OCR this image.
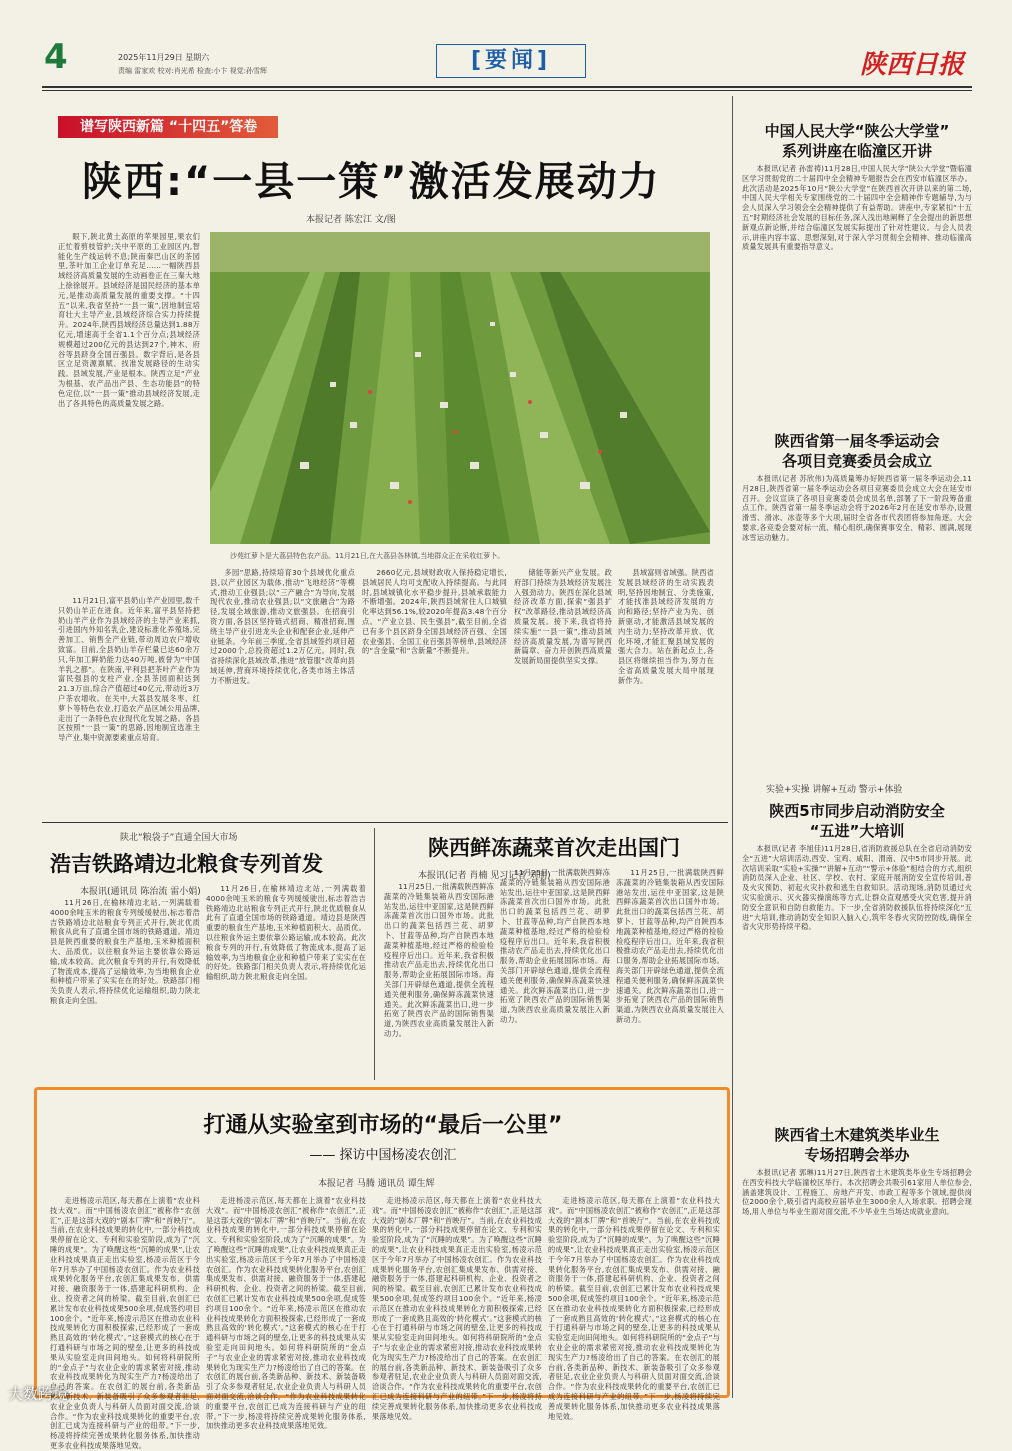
4	2025年11月29日 星期六
责编 雷家欢 校对:肖光希 检查:小卞 视觉:孙雪辉	[要闻]	陕西日报
谱写陕西新篇 “十四五”答卷
陕西:“一县一策”激活发展动力
本报记者 陈宏江 文/图

眼下,陕北黄土高原的苹果园里,果农们正忙着剪枝管护;关中平原的工业园区内,智能化生产线运转不息;陕南秦巴山区的茶园里,茶叶加工企业订单充足……一幅陕西县域经济高质量发展的生动画卷正在三秦大地上徐徐展开。县域经济是国民经济的基本单元,是推动高质量发展的重要支撑。“十四五”以来,我省坚持“一县一策”,因地制宜培育壮大主导产业,县域经济综合实力持续提升。2024年,陕西县域经济总量达到1.88万亿元,增速高于全省1.1个百分点;县域经济规模超过200亿元的县达到27个,神木、府谷等县跻身全国百强县。数字背后,是各县区立足资源禀赋、找准发展路径的生动实践。县域发展,产业是根本。陕西立足“产业为根基、农产品出产县、生态功能县”的特色定位,以“一县一策”推动县域经济发展,走出了各具特色的高质量发展之路。

11月21日,富平县奶山羊产业园里,数千只奶山羊正在进食。近年来,富平县坚持把奶山羊产业作为县域经济的主导产业来抓,引进国内外知名乳企,建设标准化养殖场,完善加工、销售全产业链,带动周边农户增收致富。目前,全县奶山羊存栏量已达60余万只,年加工鲜奶能力达40万吨,被誉为“中国羊乳之都”。在陕南,平利县把茶叶产业作为富民强县的支柱产业,全县茶园面积达到21.3万亩,综合产值超过40亿元,带动近3万户茶农增收。在关中,大荔县发展冬枣、红萝卜等特色农业,打造农产品区域公用品牌,走出了一条特色农业现代化发展之路。各县区按照“一县一策”的思路,因地制宜选准主导产业,集中资源要素重点培育。

沙苑红萝卜是大荔县特色农产品。11月21日,在大荔县各林镇,当地群众正在采收红萝卜。

多园”思路,持续培育30个县域优化重点县,以产业园区为载体,推动“飞地经济”等模式,推动工业强县;以“三产融合”为导向,发展现代农业,推动农业强县;以“文旅融合”为路径,发展全域旅游,推动文旅强县。在招商引资方面,各县区坚持链式招商、精准招商,围绕主导产业引进龙头企业和配套企业,延伸产业链条。今年前三季度,全省县域签约项目超过2000个,总投资超过1.2万亿元。同时,我省持续深化县域改革,推进“放管服”改革向县域延伸,营商环境持续优化,各类市场主体活力不断迸发。

2660亿元,县域财政收入保持稳定增长,县域居民人均可支配收入持续提高。与此同时,县域城镇化水平稳步提升,县城承载能力不断增强。2024年,陕西县域常住人口城镇化率达到56.1%,较2020年提高3.48个百分点。“产业立县、民生强县”,截至目前,全省已有多个县区跻身全国县域经济百强、全国农业强县、全国工业百强县等榜单,县域经济的“含金量”和“含新量”不断提升。

储能等新兴产业发展。政府部门持续为县域经济发展注入强劲动力。陕西在深化县域经济改革方面,探索“强县扩权”改革路径,推动县域经济高质量发展。接下来,我省将持续实施“一县一策”,推动县域经济高质量发展,为谱写陕西新篇章、奋力开创陕西高质量发展新局面提供坚实支撑。

县域富则省域强。陕西省发展县域经济的生动实践表明,坚持因地制宜、分类施策,才能找准县域经济发展的方向和路径;坚持产业为先、创新驱动,才能激活县域发展的内生动力;坚持改革开放、优化环境,才能汇聚县域发展的强大合力。站在新起点上,各县区将继续担当作为,努力在全省高质量发展大局中展现新作为。

中国人民大学“陕公大学堂”
系列讲座在临潼区开讲

本报讯(记者 孙雷祷)11月28日,中国人民大学“陕公大学堂”暨临潼区学习贯彻党的二十届四中全会精神专题报告会在西安市临潼区举办。此次活动是2025年10月“陕公大学堂”在陕西首次开讲以来的第二场,中国人民大学相关专家围绕党的二十届四中全会精神作专题辅导,为与会人员深入学习领会全会精神提供了有益帮助。讲座中,专家紧扣“十五五”时期经济社会发展的目标任务,深入浅出地阐释了全会提出的新思想新观点新论断,并结合临潼区发展实际提出了针对性建议。与会人员表示,讲座内容丰富、思想深刻,对于深入学习贯彻全会精神、推动临潼高质量发展具有重要指导意义。

陕西省第一届冬季运动会
各项目竞赛委员会成立

本报讯(记者 苏欣伟)为高质量筹办好陕西省第一届冬季运动会,11月28日,陕西省第一届冬季运动会各项目竞赛委员会成立大会在延安市召开。会议宣读了各项目竞赛委员会成员名单,部署了下一阶段筹备重点工作。陕西省第一届冬季运动会将于2026年2月在延安市举办,设置滑雪、滑冰、冰壶等多个大项,届时全省各市代表团将参加角逐。大会要求,各竞委会要对标一流、精心组织,确保赛事安全、精彩、圆满,展现冰雪运动魅力。

实验+实操 讲解+互动 警示+体验
陕西5市同步启动消防安全
“五进”大培训

本报讯(记者 李旭佳)11月28日,省消防救援总队在全省启动消防安全“五进”大培训活动,西安、宝鸡、咸阳、渭南、汉中5市同步开展。此次培训采取“实验+实操”“讲解+互动”“警示+体验”相结合的方式,组织消防员深入企业、社区、学校、农村、家庭开展消防安全宣传培训,普及火灾预防、初起火灾扑救和逃生自救知识。活动现场,消防员通过火灾实验演示、灭火器实操演练等方式,让群众直观感受火灾危害,提升消防安全意识和自防自救能力。下一步,全省消防救援队伍将持续深化“五进”大培训,推动消防安全知识入脑入心,筑牢冬春火灾防控防线,确保全省火灾形势持续平稳。

陕西省土木建筑类毕业生
专场招聘会举办

本报讯(记者 郭琳)11月27日,陕西省土木建筑类毕业生专场招聘会在西安科技大学临潼校区举行。本次招聘会共吸引61家用人单位参会,涵盖建筑设计、工程施工、房地产开发、市政工程等多个领域,提供岗位2000余个,吸引省内高校应届毕业生3000余人入场求职。招聘会现场,用人单位与毕业生面对面交流,不少毕业生当场达成就业意向。

陕北“粮袋子”直通全国大市场
浩吉铁路靖边北粮食专列首发
本报讯(通讯员 陈治流 雷小娟)

11月26日,在榆林靖边北站,一列满载着4000余吨玉米的粮食专列缓缓驶出,标志着浩吉铁路靖边北站粮食专列正式开行,陕北优质粮食从此有了直通全国市场的铁路通道。靖边县是陕西重要的粮食生产基地,玉米种植面积大、品质优。以往粮食外运主要依靠公路运输,成本较高。此次粮食专列的开行,有效降低了物流成本,提高了运输效率,为当地粮食企业和种植户带来了实实在在的好处。铁路部门相关负责人表示,将持续优化运输组织,助力陕北粮食走向全国。

11月26日,在榆林靖边北站,一列满载着4000余吨玉米的粮食专列缓缓驶出,标志着浩吉铁路靖边北站粮食专列正式开行,陕北优质粮食从此有了直通全国市场的铁路通道。靖边县是陕西重要的粮食生产基地,玉米种植面积大、品质优。以往粮食外运主要依靠公路运输,成本较高。此次粮食专列的开行,有效降低了物流成本,提高了运输效率,为当地粮食企业和种植户带来了实实在在的好处。铁路部门相关负责人表示,将持续优化运输组织,助力陕北粮食走向全国。

陕西鲜冻蔬菜首次走出国门
本报讯(记者 肖楠 见习记者 刘朋)

11月25日,一批满载陕西鲜冻蔬菜的冷链集装箱从西安国际港站发出,运往中亚国家,这是陕西鲜冻蔬菜首次出口国外市场。此批出口的蔬菜包括西兰花、胡萝卜、甘蓝等品种,均产自陕西本地蔬菜种植基地,经过严格的检验检疫程序后出口。近年来,我省积极推动农产品走出去,持续优化出口服务,帮助企业拓展国际市场。海关部门开辟绿色通道,提供全流程通关便利服务,确保鲜冻蔬菜快速通关。此次鲜冻蔬菜出口,进一步拓宽了陕西农产品的国际销售渠道,为陕西农业高质量发展注入新动力。

11月25日,一批满载陕西鲜冻蔬菜的冷链集装箱从西安国际港站发出,运往中亚国家,这是陕西鲜冻蔬菜首次出口国外市场。此批出口的蔬菜包括西兰花、胡萝卜、甘蓝等品种,均产自陕西本地蔬菜种植基地,经过严格的检验检疫程序后出口。近年来,我省积极推动农产品走出去,持续优化出口服务,帮助企业拓展国际市场。海关部门开辟绿色通道,提供全流程通关便利服务,确保鲜冻蔬菜快速通关。此次鲜冻蔬菜出口,进一步拓宽了陕西农产品的国际销售渠道,为陕西农业高质量发展注入新动力。

11月25日,一批满载陕西鲜冻蔬菜的冷链集装箱从西安国际港站发出,运往中亚国家,这是陕西鲜冻蔬菜首次出口国外市场。此批出口的蔬菜包括西兰花、胡萝卜、甘蓝等品种,均产自陕西本地蔬菜种植基地,经过严格的检验检疫程序后出口。近年来,我省积极推动农产品走出去,持续优化出口服务,帮助企业拓展国际市场。海关部门开辟绿色通道,提供全流程通关便利服务,确保鲜冻蔬菜快速通关。此次鲜冻蔬菜出口,进一步拓宽了陕西农产品的国际销售渠道,为陕西农业高质量发展注入新动力。

打通从实验室到市场的“最后一公里”
—— 探访中国杨凌农创汇
本报记者 马腾 通讯员 谭生辉

走进杨凌示范区,每天都在上演着“农业科技大戏”。而“中国杨凌农创汇”被称作“农创汇”,正是这部大戏的“剧本厂牌”和“首映厅”。当前,在农业科技成果的转化中,一部分科技成果停留在论文、专利和实验室阶段,成为了“沉睡的成果”。为了唤醒这些“沉睡的成果”,让农业科技成果真正走出实验室,杨凌示范区于今年7月举办了中国杨凌农创汇。作为农业科技成果转化服务平台,农创汇集成果发布、供需对接、融资服务于一体,搭建起科研机构、企业、投资者之间的桥梁。截至目前,农创汇已累计发布农业科技成果500余项,促成签约项目100余个。“近年来,杨凌示范区在推动农业科技成果转化方面积极探索,已经形成了一套成熟且高效的‘转化模式’。”这套模式的核心在于打通科研与市场之间的壁垒,让更多的科技成果从实验室走向田间地头。如何将科研院所的“金点子”与农业企业的需求紧密对接,推动农业科技成果转化为现实生产力?杨凌给出了自己的答案。在农创汇的展台前,各类新品种、新技术、新装备吸引了众多参观者驻足,农业企业负责人与科研人员面对面交流,洽谈合作。“作为农业科技成果转化的重要平台,农创汇已成为连接科研与产业的纽带。”下一步,杨凌将持续完善成果转化服务体系,加快推动更多农业科技成果落地见效。

走进杨凌示范区,每天都在上演着“农业科技大戏”。而“中国杨凌农创汇”被称作“农创汇”,正是这部大戏的“剧本厂牌”和“首映厅”。当前,在农业科技成果的转化中,一部分科技成果停留在论文、专利和实验室阶段,成为了“沉睡的成果”。为了唤醒这些“沉睡的成果”,让农业科技成果真正走出实验室,杨凌示范区于今年7月举办了中国杨凌农创汇。作为农业科技成果转化服务平台,农创汇集成果发布、供需对接、融资服务于一体,搭建起科研机构、企业、投资者之间的桥梁。截至目前,农创汇已累计发布农业科技成果500余项,促成签约项目100余个。“近年来,杨凌示范区在推动农业科技成果转化方面积极探索,已经形成了一套成熟且高效的‘转化模式’。”这套模式的核心在于打通科研与市场之间的壁垒,让更多的科技成果从实验室走向田间地头。如何将科研院所的“金点子”与农业企业的需求紧密对接,推动农业科技成果转化为现实生产力?杨凌给出了自己的答案。在农创汇的展台前,各类新品种、新技术、新装备吸引了众多参观者驻足,农业企业负责人与科研人员面对面交流,洽谈合作。“作为农业科技成果转化的重要平台,农创汇已成为连接科研与产业的纽带。”下一步,杨凌将持续完善成果转化服务体系,加快推动更多农业科技成果落地见效。

走进杨凌示范区,每天都在上演着“农业科技大戏”。而“中国杨凌农创汇”被称作“农创汇”,正是这部大戏的“剧本厂牌”和“首映厅”。当前,在农业科技成果的转化中,一部分科技成果停留在论文、专利和实验室阶段,成为了“沉睡的成果”。为了唤醒这些“沉睡的成果”,让农业科技成果真正走出实验室,杨凌示范区于今年7月举办了中国杨凌农创汇。作为农业科技成果转化服务平台,农创汇集成果发布、供需对接、融资服务于一体,搭建起科研机构、企业、投资者之间的桥梁。截至目前,农创汇已累计发布农业科技成果500余项,促成签约项目100余个。“近年来,杨凌示范区在推动农业科技成果转化方面积极探索,已经形成了一套成熟且高效的‘转化模式’。”这套模式的核心在于打通科研与市场之间的壁垒,让更多的科技成果从实验室走向田间地头。如何将科研院所的“金点子”与农业企业的需求紧密对接,推动农业科技成果转化为现实生产力?杨凌给出了自己的答案。在农创汇的展台前,各类新品种、新技术、新装备吸引了众多参观者驻足,农业企业负责人与科研人员面对面交流,洽谈合作。“作为农业科技成果转化的重要平台,农创汇已成为连接科研与产业的纽带。”下一步,杨凌将持续完善成果转化服务体系,加快推动更多农业科技成果落地见效。

走进杨凌示范区,每天都在上演着“农业科技大戏”。而“中国杨凌农创汇”被称作“农创汇”,正是这部大戏的“剧本厂牌”和“首映厅”。当前,在农业科技成果的转化中,一部分科技成果停留在论文、专利和实验室阶段,成为了“沉睡的成果”。为了唤醒这些“沉睡的成果”,让农业科技成果真正走出实验室,杨凌示范区于今年7月举办了中国杨凌农创汇。作为农业科技成果转化服务平台,农创汇集成果发布、供需对接、融资服务于一体,搭建起科研机构、企业、投资者之间的桥梁。截至目前,农创汇已累计发布农业科技成果500余项,促成签约项目100余个。“近年来,杨凌示范区在推动农业科技成果转化方面积极探索,已经形成了一套成熟且高效的‘转化模式’。”这套模式的核心在于打通科研与市场之间的壁垒,让更多的科技成果从实验室走向田间地头。如何将科研院所的“金点子”与农业企业的需求紧密对接,推动农业科技成果转化为现实生产力?杨凌给出了自己的答案。在农创汇的展台前,各类新品种、新技术、新装备吸引了众多参观者驻足,农业企业负责人与科研人员面对面交流,洽谈合作。“作为农业科技成果转化的重要平台,农创汇已成为连接科研与产业的纽带。”下一步,杨凌将持续完善成果转化服务体系,加快推动更多农业科技成果落地见效。

大数跨境
